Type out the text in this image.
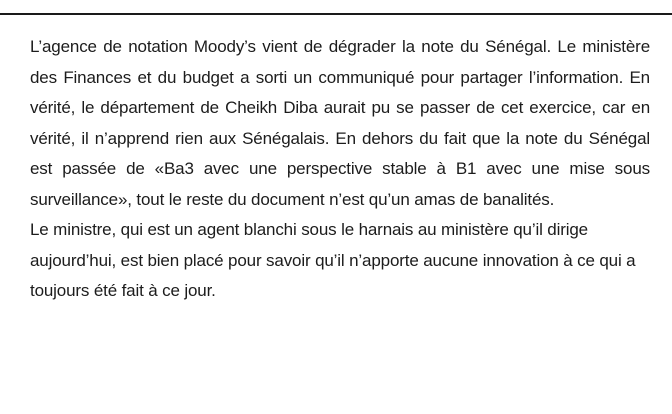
L’agence de notation Moody’s vient de dégrader la note du Sénégal. Le ministère des Finances et du budget a sorti un communiqué pour partager l’information. En vérité, le département de Cheikh Diba aurait pu se passer de cet exercice, car en vérité, il n’apprend rien aux Sénégalais. En dehors du fait que la note du Sénégal est passée de «Ba3 avec une perspective stable à B1 avec une mise sous surveillance», tout le reste du document n’est qu’un amas de banalités.

Le ministre, qui est un agent blanchi sous le harnais au ministère qu’il dirige aujourd’hui, est bien placé pour savoir qu’il n’apporte aucune innovation à ce qui a toujours été fait à ce jour.
